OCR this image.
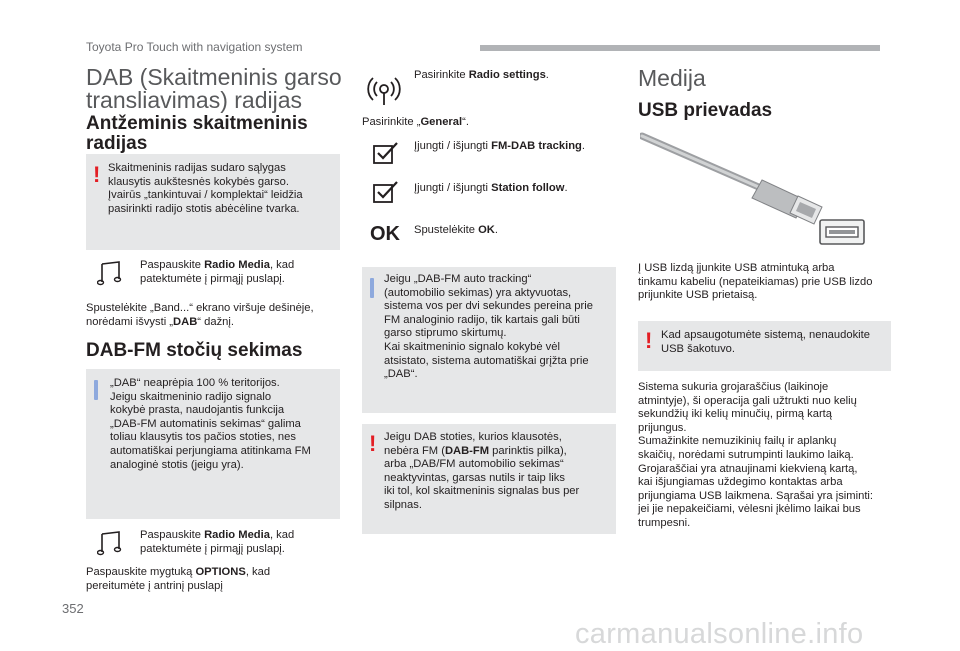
Toyota Pro Touch with navigation system
DAB (Skaitmeninis garso
transliavimas) radijas
Antžeminis skaitmeninis
radijas
! Skaitmeninis radijas sudaro sąlygas
klausytis aukštesnės kokybės garso.
Įvairūs „tankintuvai / komplektai“ leidžia
pasirinkti radijo stotis abėcėline tvarka.
Paspauskite Radio Media, kad
patektumėte į pirmąjį puslapį.
Spustelėkite „Band...“ ekrano viršuje dešinėje,
norėdami išvysti „DAB“ dažnį.
DAB-FM stočių sekimas
„DAB“ neaprėpia 100 % teritorijos.
Jeigu skaitmeninio radijo signalo
kokybė prasta, naudojantis funkcija
„DAB-FM automatinis sekimas“ galima
toliau klausytis tos pačios stoties, nes
automatiškai perjungiama atitinkama FM
analoginė stotis (jeigu yra).
Paspauskite Radio Media, kad
patektumėte į pirmąjį puslapį.
Paspauskite mygtuką OPTIONS, kad
pereitumėte į antrinį puslapį
Pasirinkite Radio settings.
Pasirinkite „General“.
Įjungti / išjungti FM-DAB tracking.
Įjungti / išjungti Station follow.
OK Spustelėkite OK.
Jeigu „DAB-FM auto tracking“
(automobilio sekimas) yra aktyvuotas,
sistema vos per dvi sekundes pereina prie
FM analoginio radijo, tik kartais gali būti
garso stiprumo skirtumų.
Kai skaitmeninio signalo kokybė vėl
atsistato, sistema automatiškai grįžta prie
„DAB“.
! Jeigu DAB stoties, kurios klausotės,
nebėra FM (DAB-FM parinktis pilka),
arba „DAB/FM automobilio sekimas“
neaktyvintas, garsas nutils ir taip liks
iki tol, kol skaitmeninis signalas bus per
silpnas.
Medija
USB prievadas
Į USB lizdą įjunkite USB atmintuką arba
tinkamu kabeliu (nepateikiamas) prie USB lizdo
prijunkite USB prietaisą.
! Kad apsaugotumėte sistemą, nenaudokite
USB šakotuvo.
Sistema sukuria grojaraščius (laikinoje
atmintyje), ši operacija gali užtrukti nuo kelių
sekundžių iki kelių minučių, pirmą kartą
prijungus.
Sumažinkite nemuzikinių failų ir aplankų
skaičių, norėdami sutrumpinti laukimo laiką.
Grojaraščiai yra atnaujinami kiekvieną kartą,
kai išjungiamas uždegimo kontaktas arba
prijungiama USB laikmena. Sąrašai yra įsiminti:
jei jie nepakeičiami, vėlesni įkėlimo laikai bus
trumpesni.
352
carmanualsonline.info
